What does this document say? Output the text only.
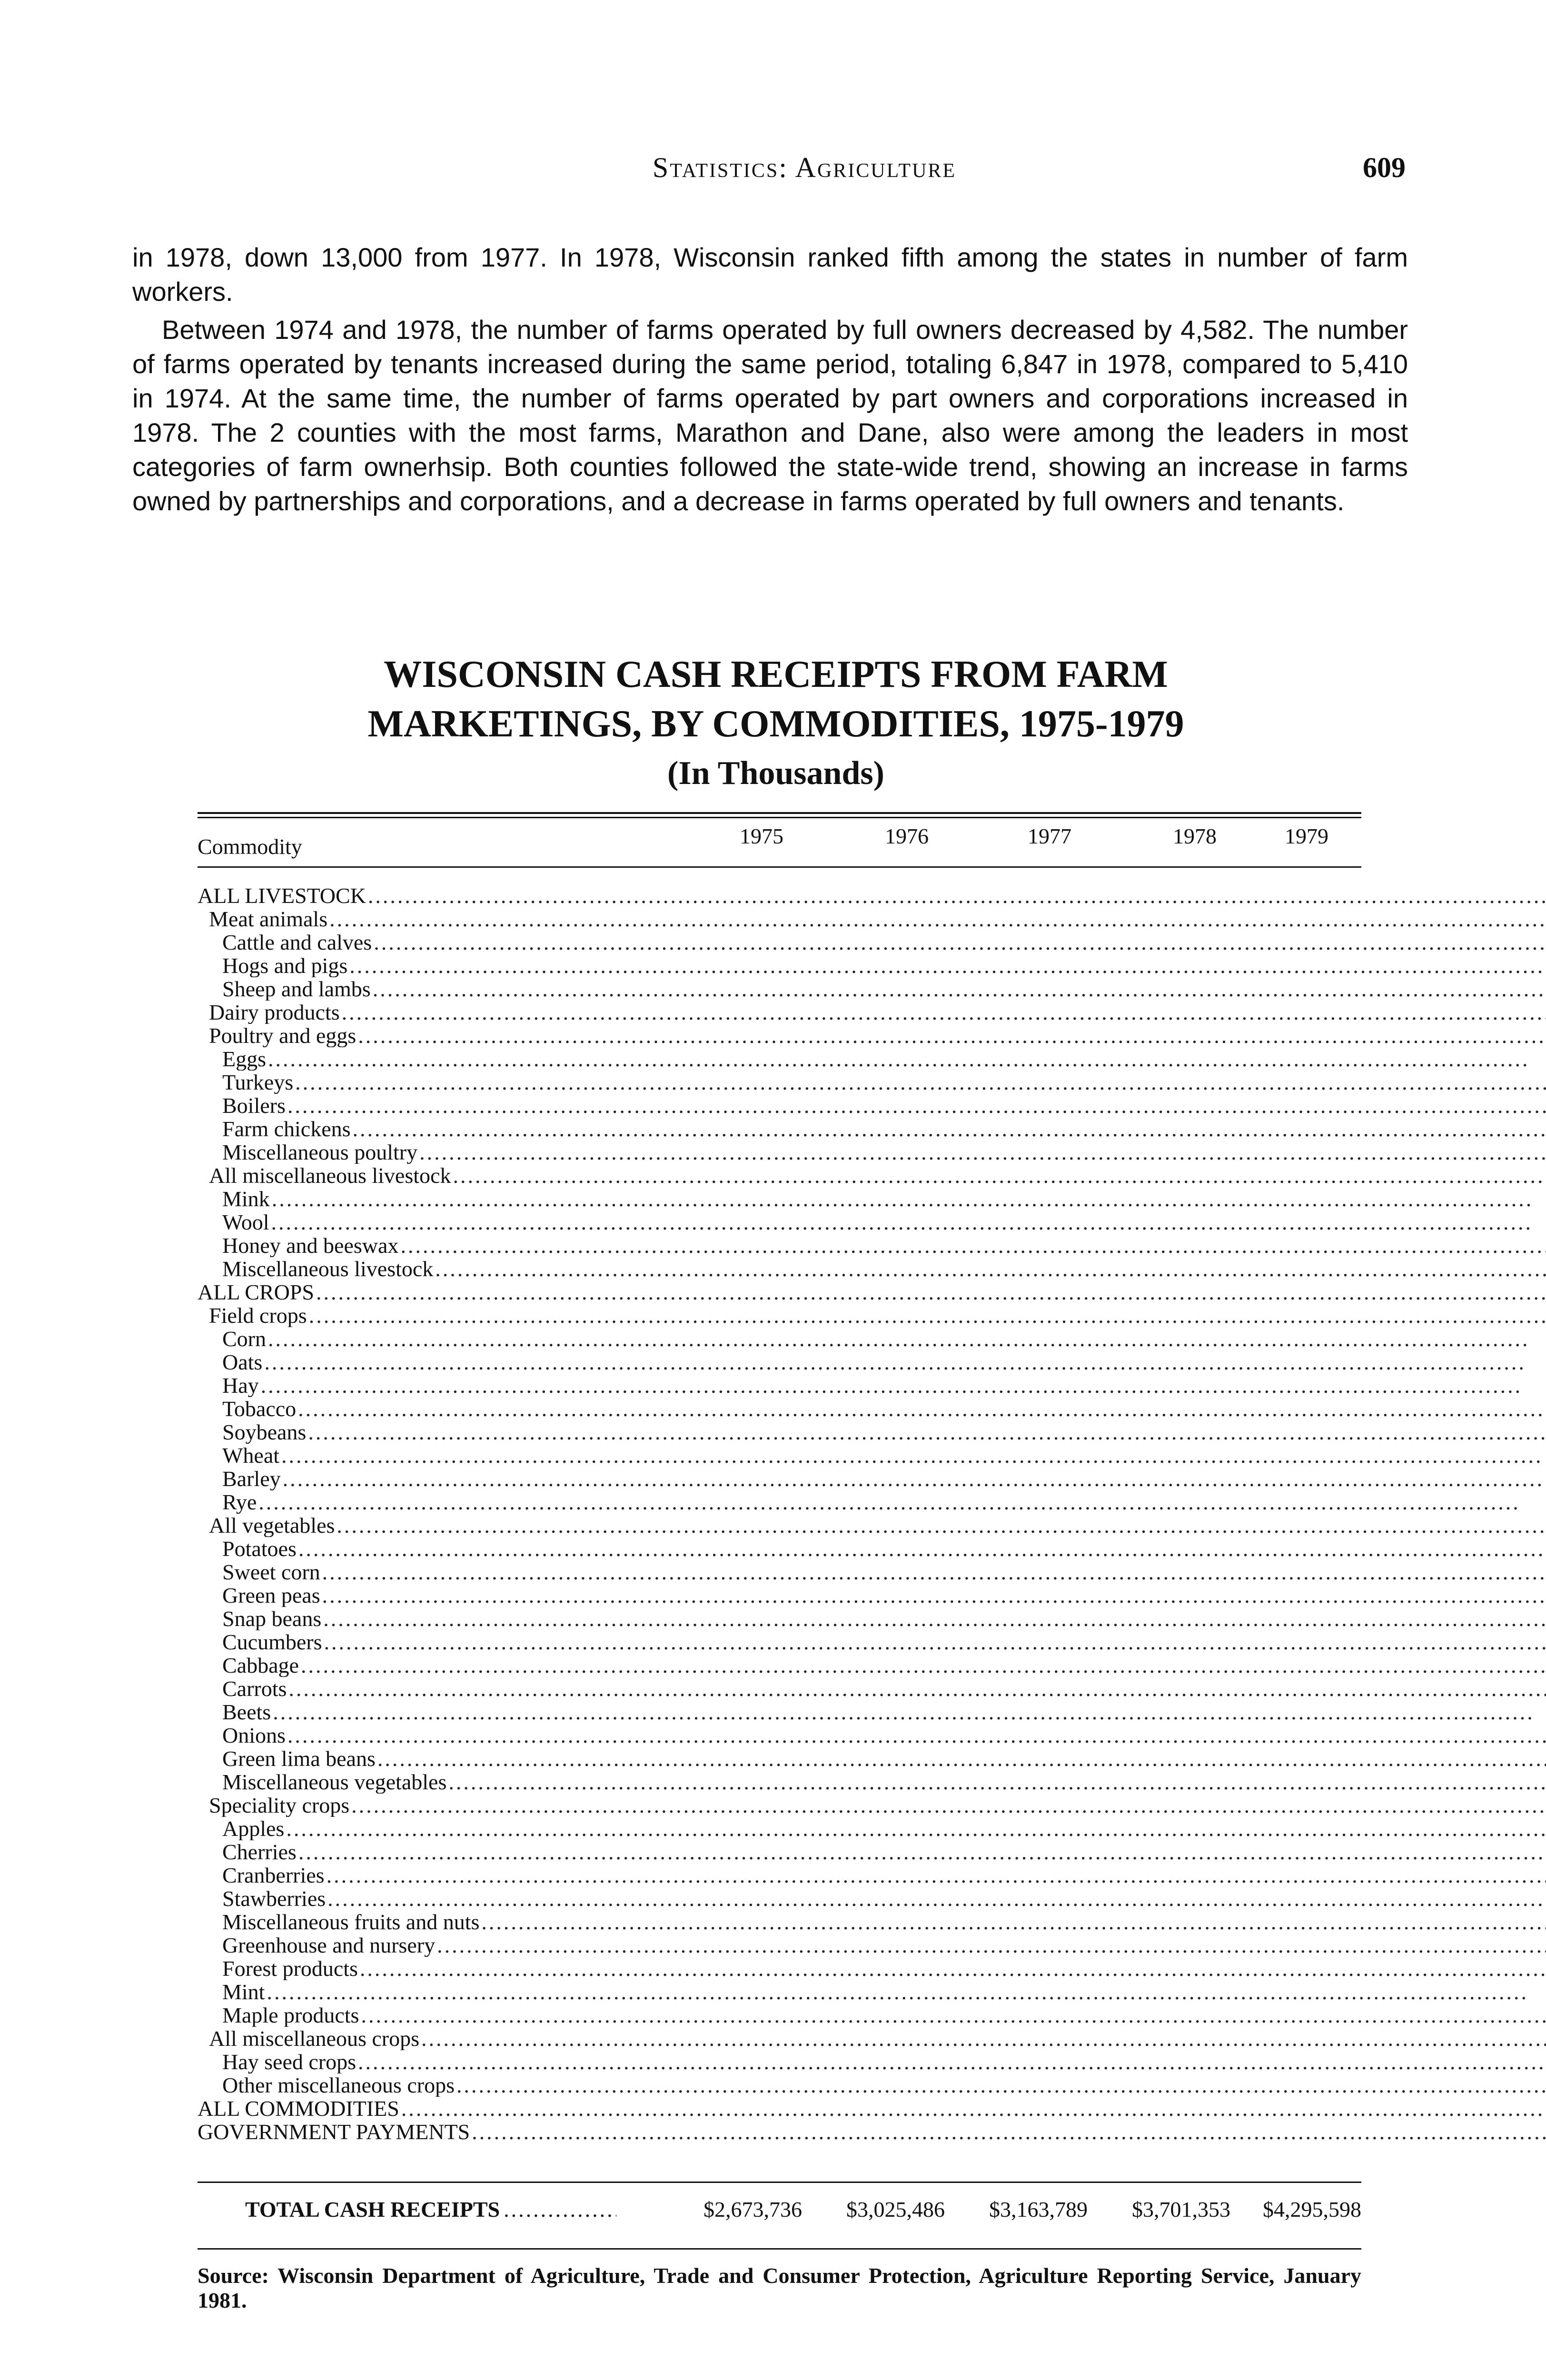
Statistics: Agriculture	609

in 1978, down 13,000 from 1977. In 1978, Wisconsin ranked fifth among the states in number of farm workers.

Between 1974 and 1978, the number of farms operated by full owners decreased by 4,582. The number of farms operated by tenants increased during the same period, totaling 6,847 in 1978, compared to 5,410 in 1974. At the same time, the number of farms operated by part owners and corporations increased in 1978. The 2 counties with the most farms, Marathon and Dane, also were among the leaders in most categories of farm ownerhsip. Both counties followed the state-wide trend, showing an increase in farms owned by partnerships and corporations, and a decrease in farms operated by full owners and tenants.

WISCONSIN CASH RECEIPTS FROM FARM
MARKETINGS, BY COMMODITIES, 1975-1979
(In Thousands)
Commodity	1975	1976	1977	1978	1979
ALL LIVESTOCK
.....

Meat animals
.....

Cattle and calves
.....

Hogs and pigs
.....

Sheep and lambs
.....

Dairy products
.....

Poultry and eggs
.....

Eggs
.....

Turkeys
.....

Boilers
.....

Farm chickens
.....

Miscellaneous poultry
.....

All miscellaneous livestock
.....

Mink
.....

Wool
.....

Honey and beeswax
.....

Miscellaneous livestock
.....

ALL CROPS
.....

Field crops
.....

Corn
.....

Oats
.....

Hay
.....

Tobacco
.....

Soybeans
.....

Wheat
.....

Barley
.....

Rye
.....

All vegetables
.....

Potatoes
.....

Sweet corn
.....

Green peas
.....

Snap beans
.....

Cucumbers
.....

Cabbage
.....

Carrots
.....

Beets
.....

Onions
.....

Green lima beans
.....

Miscellaneous vegetables
.....

Speciality crops
.....

Apples
.....

Cherries
.....

Cranberries
.....

Stawberries
.....

Miscellaneous fruits and nuts
.....

Greenhouse and nursery
.....

Forest products
.....

Mint
.....

Maple products
.....

All miscellaneous crops
.....

Hay seed crops
.....

Other miscellaneous crops
.....

ALL COMMODITIES
.....

GOVERNMENT PAYMENTS
.....

TOTAL CASH RECEIPTS
.....	$2,673,736	$3,025,486	$3,163,789	$3,701,353	$4,295,598
Source: Wisconsin Department of Agriculture, Trade and Consumer Protection, Agriculture Reporting Service, January 1981.
